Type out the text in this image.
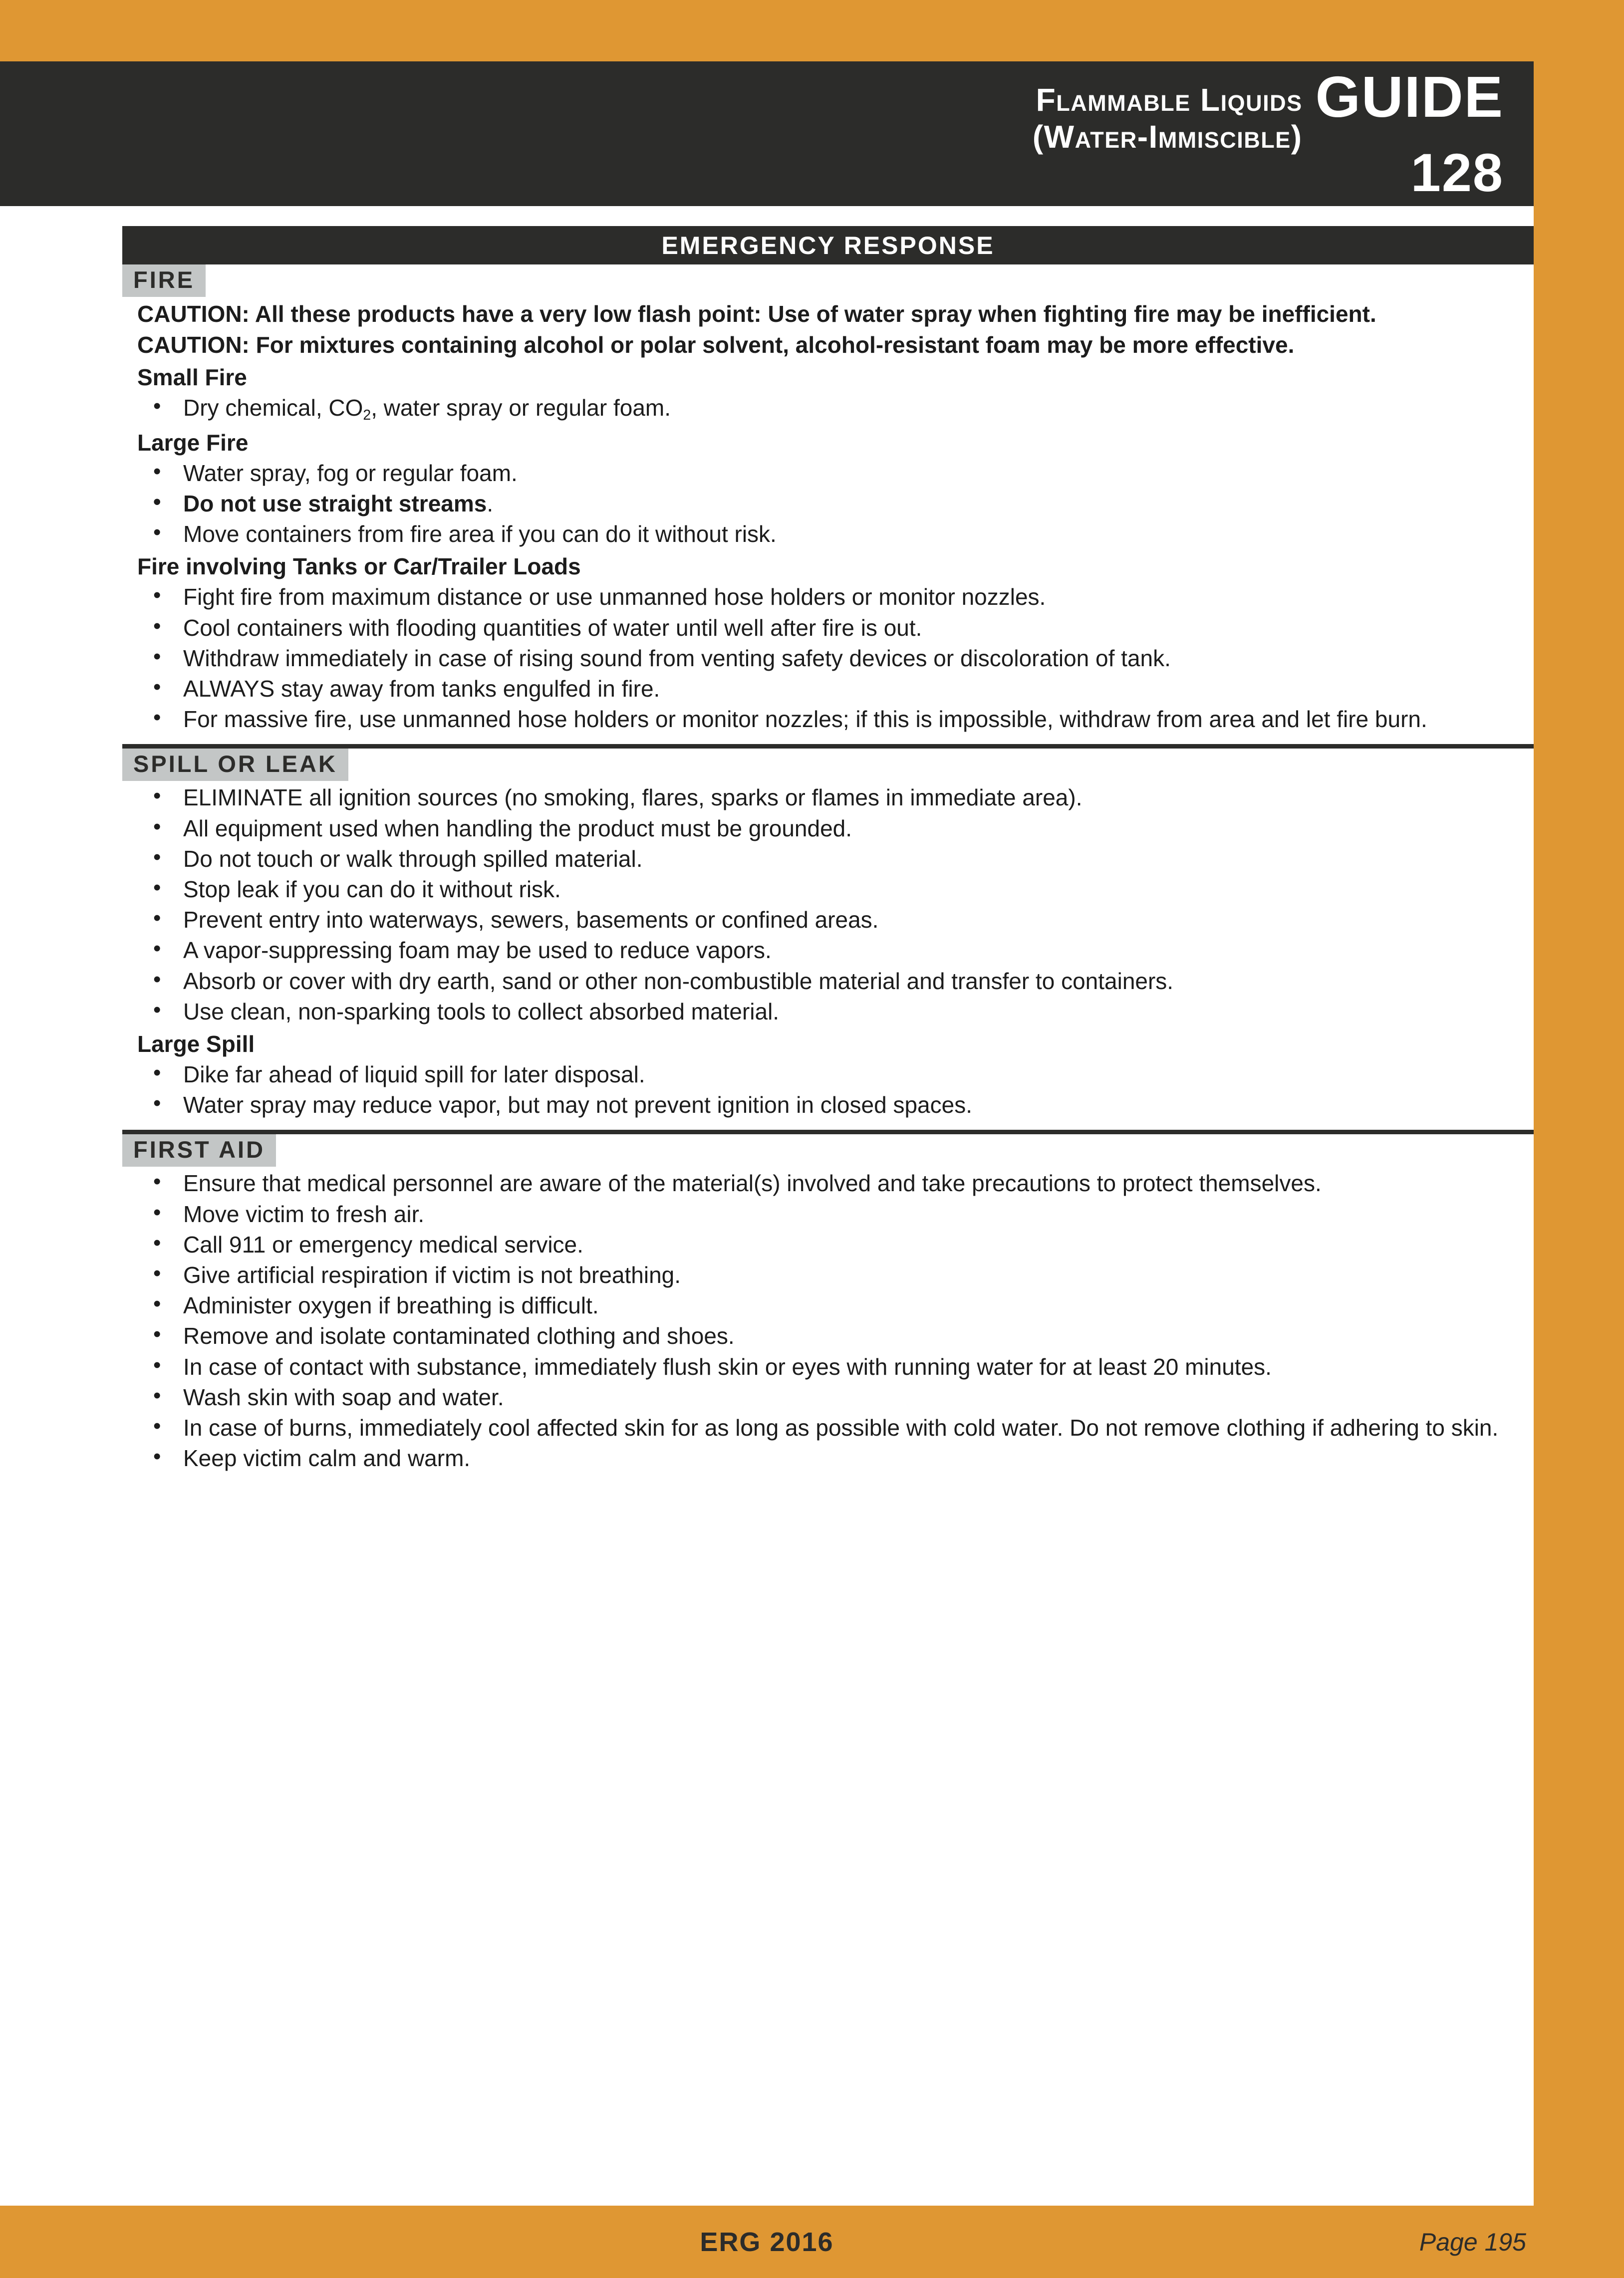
Flammable Liquids
(Water-Immiscible)
GUIDE
128
EMERGENCY RESPONSE
FIRE

CAUTION: All these products have a very low flash point: Use of water spray when fighting fire may be inefficient.

CAUTION: For mixtures containing alcohol or polar solvent, alcohol-resistant foam may be more effective.

Small Fire
• Dry chemical, $CO_2$, water spray or regular foam.
Large Fire
• Water spray, fog or regular foam.
• Do not use straight streams.
• Move containers from fire area if you can do it without risk.
Fire involving Tanks or Car/Trailer Loads
• Fight fire from maximum distance or use unmanned hose holders or monitor nozzles.
• Cool containers with flooding quantities of water until well after fire is out.
• Withdraw immediately in case of rising sound from venting safety devices or discoloration of tank.
• ALWAYS stay away from tanks engulfed in fire.
• For massive fire, use unmanned hose holders or monitor nozzles; if this is impossible, withdraw from area and let fire burn.
SPILL OR LEAK
• ELIMINATE all ignition sources (no smoking, flares, sparks or flames in immediate area).
• All equipment used when handling the product must be grounded.
• Do not touch or walk through spilled material.
• Stop leak if you can do it without risk.
• Prevent entry into waterways, sewers, basements or confined areas.
• A vapor-suppressing foam may be used to reduce vapors.
• Absorb or cover with dry earth, sand or other non-combustible material and transfer to containers.
• Use clean, non-sparking tools to collect absorbed material.
Large Spill
• Dike far ahead of liquid spill for later disposal.
• Water spray may reduce vapor, but may not prevent ignition in closed spaces.
FIRST AID
• Ensure that medical personnel are aware of the material(s) involved and take precautions to protect themselves.
• Move victim to fresh air.
• Call 911 or emergency medical service.
• Give artificial respiration if victim is not breathing.
• Administer oxygen if breathing is difficult.
• Remove and isolate contaminated clothing and shoes.
• In case of contact with substance, immediately flush skin or eyes with running water for at least 20 minutes.
• Wash skin with soap and water.
• In case of burns, immediately cool affected skin for as long as possible with cold water. Do not remove clothing if adhering to skin.
• Keep victim calm and warm.
ERG 2016	Page 195
